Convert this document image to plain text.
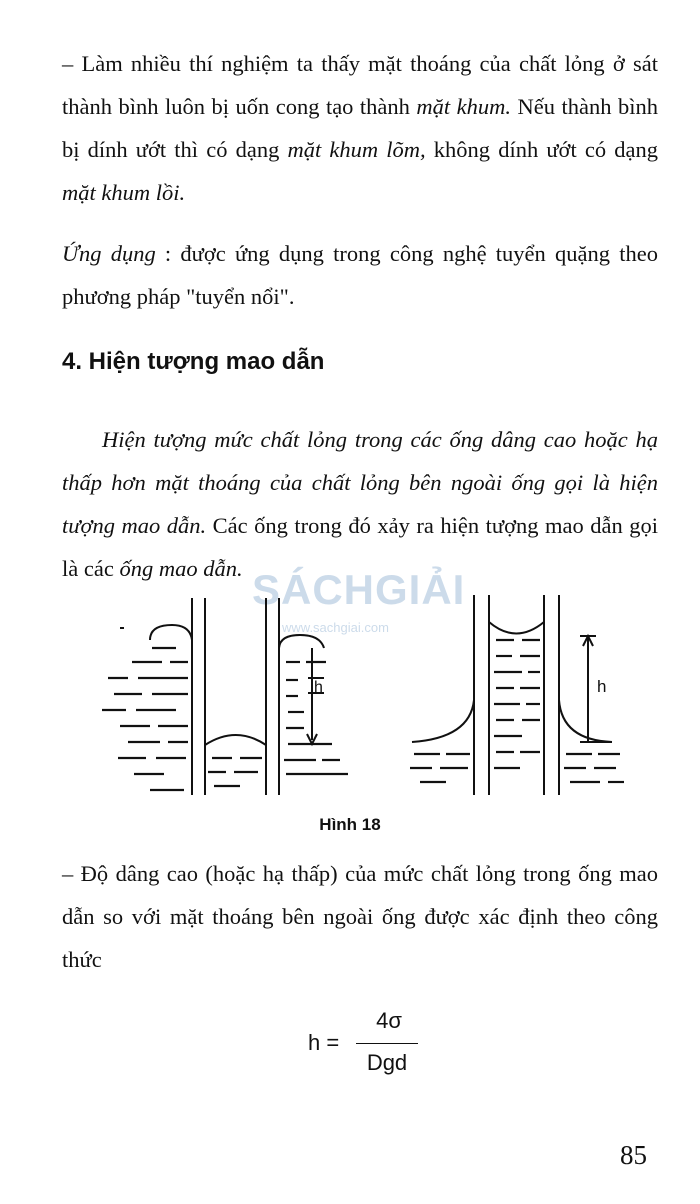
– Làm nhiều thí nghiệm ta thấy mặt thoáng của chất lỏng ở sát thành bình luôn bị uốn cong tạo thành mặt khum. Nếu thành bình bị dính ướt thì có dạng mặt khum lõm, không dính ướt có dạng mặt khum lồi.
Ứng dụng : được ứng dụng trong công nghệ tuyển quặng theo phương pháp "tuyển nổi".
4. Hiện tượng mao dẫn
Hiện tượng mức chất lỏng trong các ống dâng cao hoặc hạ thấp hơn mặt thoáng của chất lỏng bên ngoài ống gọi là hiện tượng mao dẫn. Các ống trong đó xảy ra hiện tượng mao dẫn gọi là các ống mao dẫn. SÁCHGIẢI
www.sachgiai.com
h	h
Hình 18
– Độ dâng cao (hoặc hạ thấp) của mức chất lỏng trong ống mao dẫn so với mặt thoáng bên ngoài ống được xác định theo công thức
h =
4σ
Dgd
85
